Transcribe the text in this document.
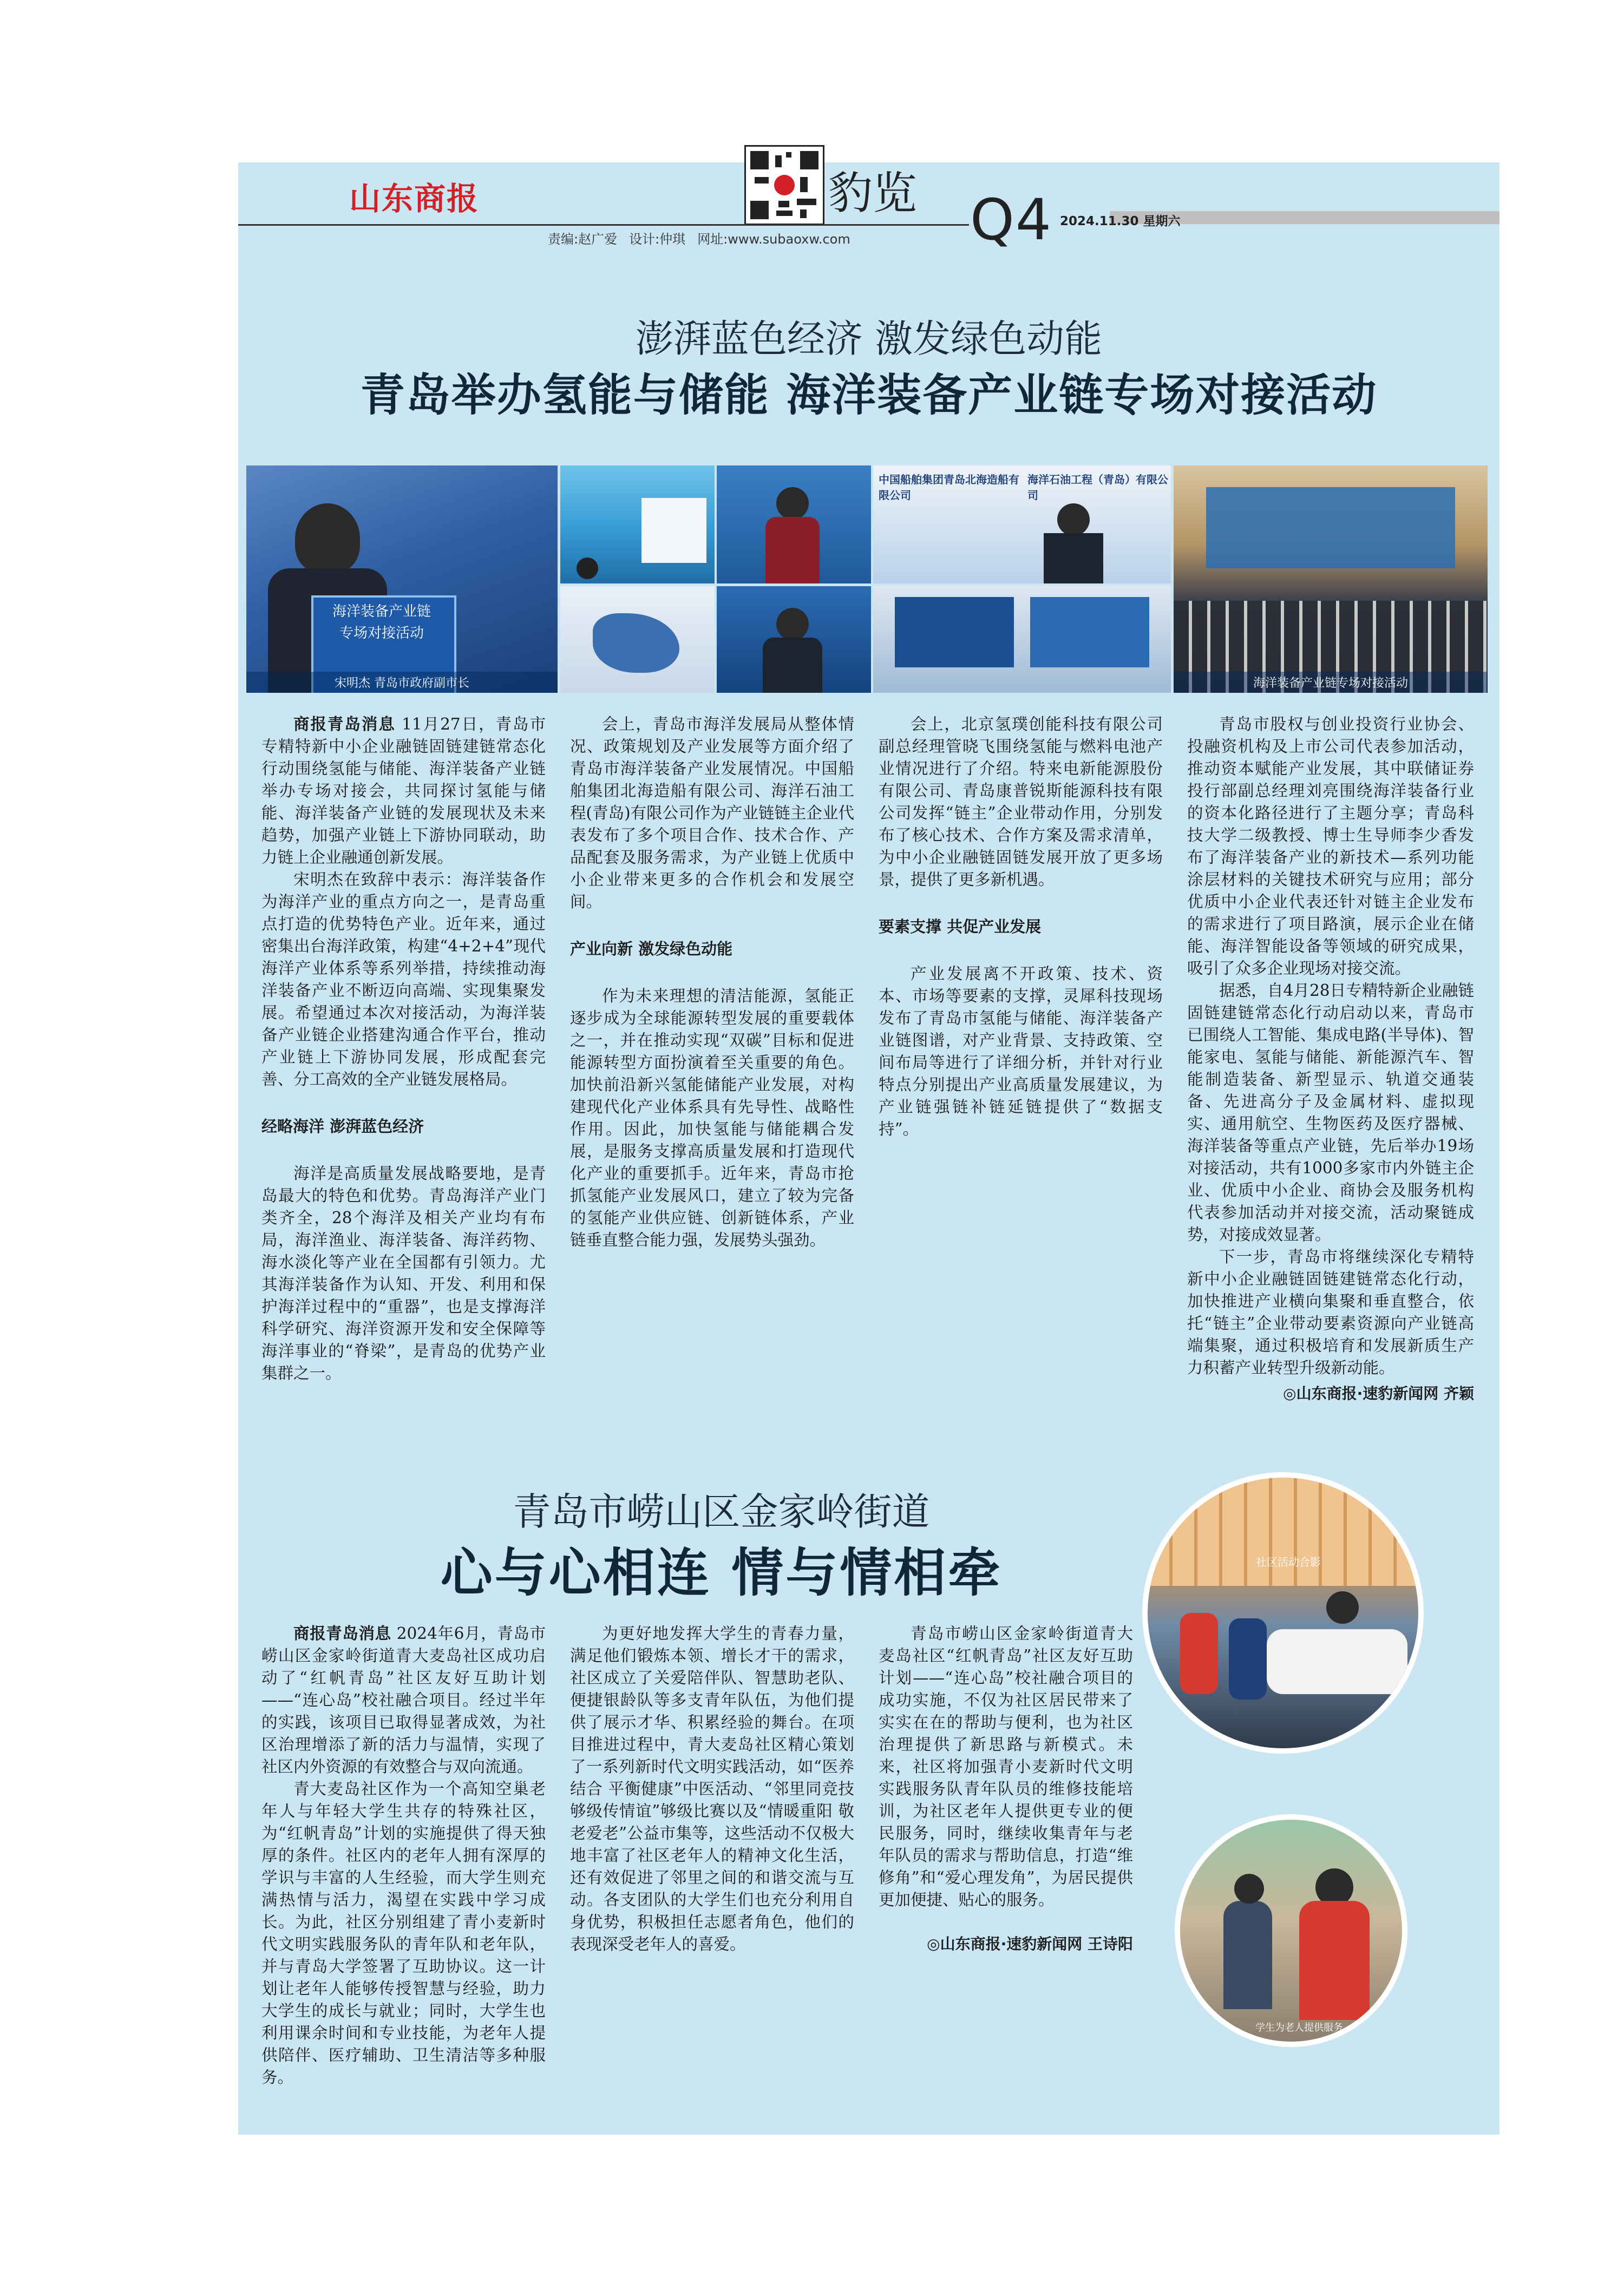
山东商报	豹览
责编:赵广爱 设计:仲琪 网址:www.subaoxw.com Q4 2024.11.30 星期六
澎湃蓝色经济 激发绿色动能
青岛举办氢能与储能 海洋装备产业链专场对接活动
海洋装备产业链
专场对接活动
宋明杰 青岛市政府副市长
中国船舶集团青岛北海造船有限公司
海洋石油工程（青岛）有限公司
海洋装备产业链专场对接活动

商报青岛消息 11月27日，青岛市专精特新中小企业融链固链建链常态化行动围绕氢能与储能、海洋装备产业链举办专场对接会，共同探讨氢能与储能、海洋装备产业链的发展现状及未来趋势，加强产业链上下游协同联动，助力链上企业融通创新发展。

宋明杰在致辞中表示：海洋装备作为海洋产业的重点方向之一，是青岛重点打造的优势特色产业。近年来，通过密集出台海洋政策，构建“4+2+4”现代海洋产业体系等系列举措，持续推动海洋装备产业不断迈向高端、实现集聚发展。希望通过本次对接活动，为海洋装备产业链企业搭建沟通合作平台，推动产业链上下游协同发展，形成配套完善、分工高效的全产业链发展格局。

经略海洋 澎湃蓝色经济

海洋是高质量发展战略要地，是青岛最大的特色和优势。青岛海洋产业门类齐全，28个海洋及相关产业均有布局，海洋渔业、海洋装备、海洋药物、海水淡化等产业在全国都有引领力。尤其海洋装备作为认知、开发、利用和保护海洋过程中的“重器”，也是支撑海洋科学研究、海洋资源开发和安全保障等海洋事业的“脊梁”，是青岛的优势产业集群之一。

会上，青岛市海洋发展局从整体情况、政策规划及产业发展等方面介绍了青岛市海洋装备产业发展情况。中国船舶集团北海造船有限公司、海洋石油工程(青岛)有限公司作为产业链链主企业代表发布了多个项目合作、技术合作、产品配套及服务需求，为产业链上优质中小企业带来更多的合作机会和发展空间。

产业向新 激发绿色动能

作为未来理想的清洁能源，氢能正逐步成为全球能源转型发展的重要载体之一，并在推动实现“双碳”目标和促进能源转型方面扮演着至关重要的角色。加快前沿新兴氢能储能产业发展，对构建现代化产业体系具有先导性、战略性作用。因此，加快氢能与储能耦合发展，是服务支撑高质量发展和打造现代化产业的重要抓手。近年来，青岛市抢抓氢能产业发展风口，建立了较为完备的氢能产业供应链、创新链体系，产业链垂直整合能力强，发展势头强劲。

会上，北京氢璞创能科技有限公司副总经理管晓飞围绕氢能与燃料电池产业情况进行了介绍。特来电新能源股份有限公司、青岛康普锐斯能源科技有限公司发挥“链主”企业带动作用，分别发布了核心技术、合作方案及需求清单，为中小企业融链固链发展开放了更多场景，提供了更多新机遇。

要素支撑 共促产业发展

产业发展离不开政策、技术、资本、市场等要素的支撑，灵犀科技现场发布了青岛市氢能与储能、海洋装备产业链图谱，对产业背景、支持政策、空间布局等进行了详细分析，并针对行业特点分别提出产业高质量发展建议，为产业链强链补链延链提供了“数据支持”。

青岛市股权与创业投资行业协会、投融资机构及上市公司代表参加活动，推动资本赋能产业发展，其中联储证券投行部副总经理刘亮围绕海洋装备行业的资本化路径进行了主题分享；青岛科技大学二级教授、博士生导师李少香发布了海洋装备产业的新技术—系列功能涂层材料的关键技术研究与应用；部分优质中小企业代表还针对链主企业发布的需求进行了项目路演，展示企业在储能、海洋智能设备等领域的研究成果，吸引了众多企业现场对接交流。

据悉，自4月28日专精特新企业融链固链建链常态化行动启动以来，青岛市已围绕人工智能、集成电路(半导体)、智能家电、氢能与储能、新能源汽车、智能制造装备、新型显示、轨道交通装备、先进高分子及金属材料、虚拟现实、通用航空、生物医药及医疗器械、海洋装备等重点产业链，先后举办19场对接活动，共有1000多家市内外链主企业、优质中小企业、商协会及服务机构代表参加活动并对接交流，活动聚链成势，对接成效显著。

下一步，青岛市将继续深化专精特新中小企业融链固链建链常态化行动，加快推进产业横向集聚和垂直整合，依托“链主”企业带动要素资源向产业链高端集聚，通过积极培育和发展新质生产力积蓄产业转型升级新动能。

◎山东商报·速豹新闻网 齐颖

青岛市崂山区金家岭街道
心与心相连 情与情相牵	社区活动合影
学生为老人提供服务

商报青岛消息 2024年6月，青岛市崂山区金家岭街道青大麦岛社区成功启动了“红帆青岛”社区友好互助计划——“连心岛”校社融合项目。经过半年的实践，该项目已取得显著成效，为社区治理增添了新的活力与温情，实现了社区内外资源的有效整合与双向流通。

青大麦岛社区作为一个高知空巢老年人与年轻大学生共存的特殊社区，为“红帆青岛”计划的实施提供了得天独厚的条件。社区内的老年人拥有深厚的学识与丰富的人生经验，而大学生则充满热情与活力，渴望在实践中学习成长。为此，社区分别组建了青小麦新时代文明实践服务队的青年队和老年队，并与青岛大学签署了互助协议。这一计划让老年人能够传授智慧与经验，助力大学生的成长与就业；同时，大学生也利用课余时间和专业技能，为老年人提供陪伴、医疗辅助、卫生清洁等多种服务。

为更好地发挥大学生的青春力量，满足他们锻炼本领、增长才干的需求，社区成立了关爱陪伴队、智慧助老队、便捷银龄队等多支青年队伍，为他们提供了展示才华、积累经验的舞台。在项目推进过程中，青大麦岛社区精心策划了一系列新时代文明实践活动，如“医养结合 平衡健康”中医活动、“邻里同竞技 够级传情谊”够级比赛以及“情暖重阳 敬老爱老”公益市集等，这些活动不仅极大地丰富了社区老年人的精神文化生活，还有效促进了邻里之间的和谐交流与互动。各支团队的大学生们也充分利用自身优势，积极担任志愿者角色，他们的表现深受老年人的喜爱。

青岛市崂山区金家岭街道青大麦岛社区“红帆青岛”社区友好互助计划——“连心岛”校社融合项目的成功实施，不仅为社区居民带来了实实在在的帮助与便利，也为社区治理提供了新思路与新模式。未来，社区将加强青小麦新时代文明实践服务队青年队员的维修技能培训，为社区老年人提供更专业的便民服务，同时，继续收集青年与老年队员的需求与帮助信息，打造“维修角”和“爱心理发角”，为居民提供更加便捷、贴心的服务。

◎山东商报·速豹新闻网 王诗阳
